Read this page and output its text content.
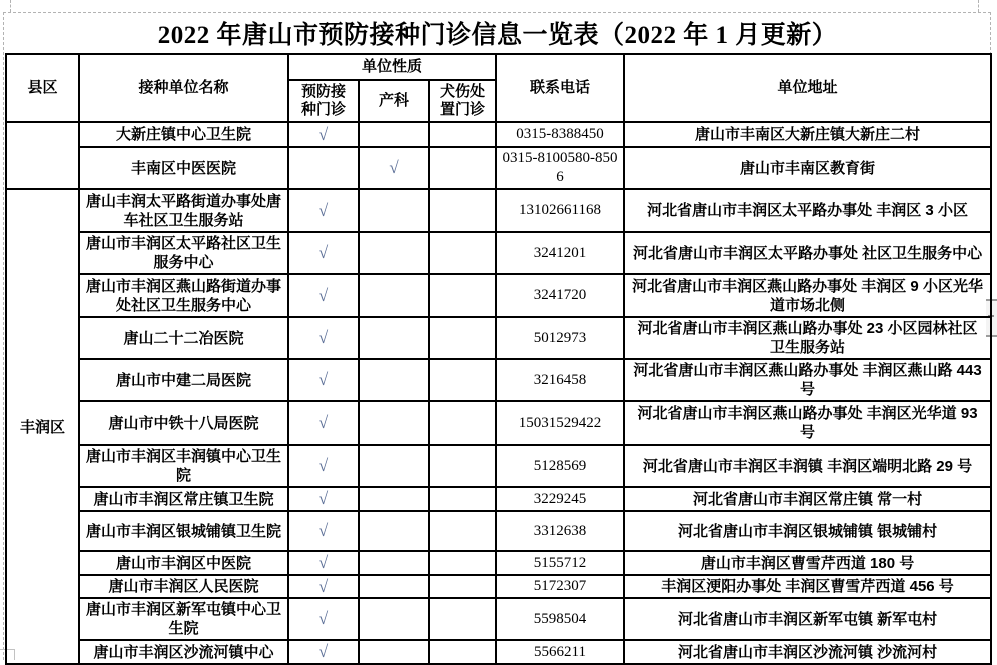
2022 年唐山市预防接种门诊信息一览表（2022 年 1 月更新）
县区	接种单位名称	单位性质			联系电话	单位地址
		预防接种门诊	产科	犬伤处置门诊		
	大新庄镇中心卫生院	√			0315-8388450	唐山市丰南区大新庄镇大新庄二村
	丰南区中医医院		√		0315-8100580-8506	唐山市丰南区教育街
丰润区	唐山丰润太平路街道办事处唐车社区卫生服务站	√			13102661168	河北省唐山市丰润区太平路办事处 丰润区 3 小区
	唐山市丰润区太平路社区卫生服务中心	√			3241201	河北省唐山市丰润区太平路办事处 社区卫生服务中心
	唐山市丰润区燕山路街道办事处社区卫生服务中心	√			3241720	河北省唐山市丰润区燕山路办事处 丰润区 9 小区光华道市场北侧
	唐山二十二冶医院	√			5012973	河北省唐山市丰润区燕山路办事处 23 小区园林社区卫生服务站
	唐山市中建二局医院	√			3216458	河北省唐山市丰润区燕山路办事处 丰润区燕山路 443 号
	唐山市中铁十八局医院	√			15031529422	河北省唐山市丰润区燕山路办事处 丰润区光华道 93 号
	唐山市丰润区丰润镇中心卫生院	√			5128569	河北省唐山市丰润区丰润镇 丰润区端明北路 29 号
	唐山市丰润区常庄镇卫生院	√			3229245	河北省唐山市丰润区常庄镇 常一村
	唐山市丰润区银城铺镇卫生院	√			3312638	河北省唐山市丰润区银城铺镇 银城铺村
	唐山市丰润区中医院	√			5155712	唐山市丰润区曹雪芹西道 180 号
	唐山市丰润区人民医院	√			5172307	丰润区浭阳办事处 丰润区曹雪芹西道 456 号
	唐山市丰润区新军屯镇中心卫生院	√			5598504	河北省唐山市丰润区新军屯镇 新军屯村
	唐山市丰润区沙流河镇中心	√			5566211	河北省唐山市丰润区沙流河镇 沙流河村
